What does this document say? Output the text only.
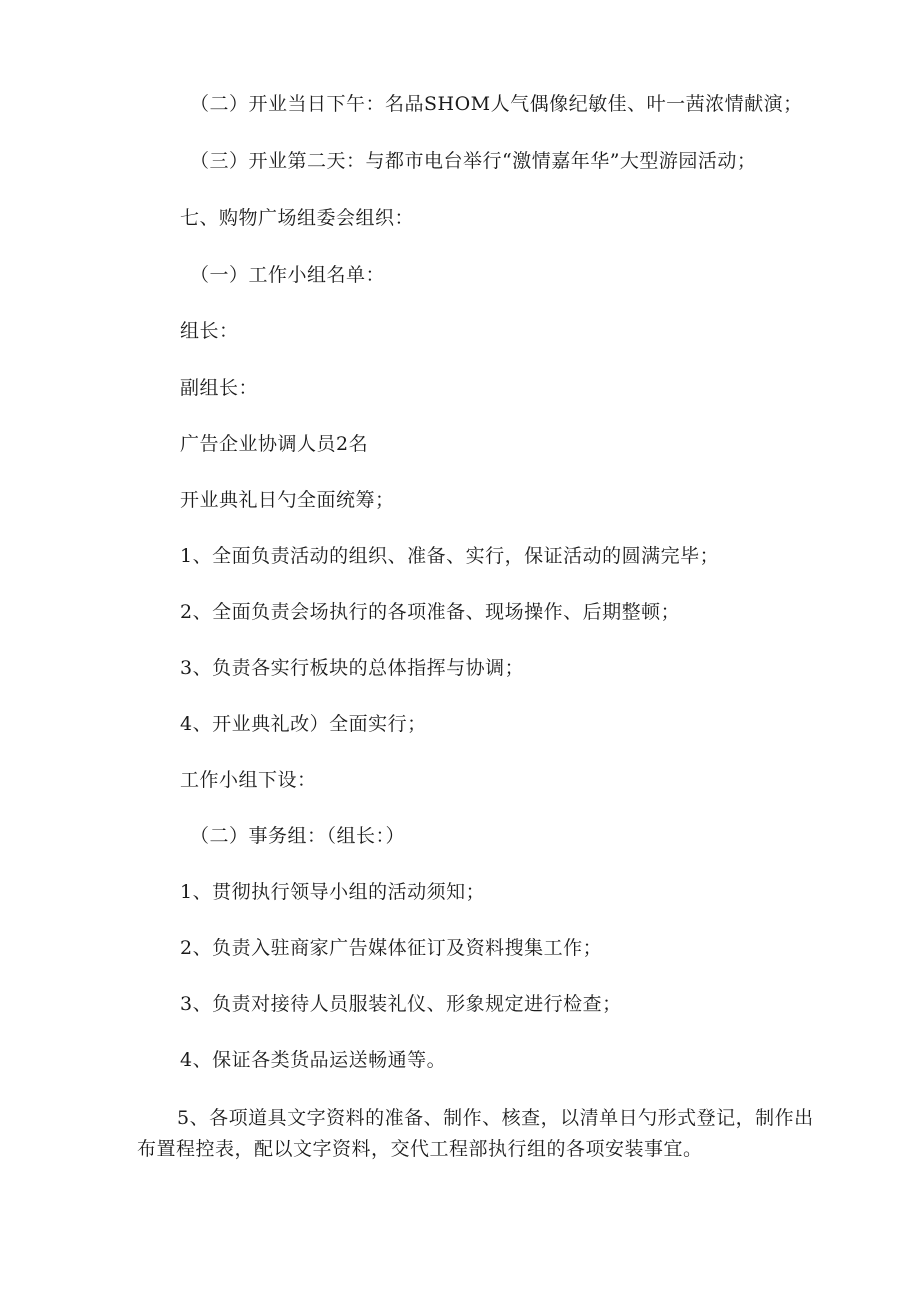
（二）开业当日下午：名品SHOM人气偶像纪敏佳、叶一茜浓情献演；
（三）开业第二天：与都市电台举行“激情嘉年华”大型游园活动；
七、购物广场组委会组织：
（一）工作小组名单：
组长：
副组长：
广告企业协调人员2名
开业典礼日勺全面统筹；
1、全面负责活动的组织、准备、实行，保证活动的圆满完毕；
2、全面负责会场执行的各项准备、现场操作、后期整顿；
3、负责各实行板块的总体指挥与协调；
4、开业典礼改）全面实行；
工作小组下设：
（二）事务组：（组长：）
1、贯彻执行领导小组的活动须知；
2、负责入驻商家广告媒体征订及资料搜集工作；
3、负责对接待人员服装礼仪、形象规定进行检查；
4、保证各类货品运送畅通等。
5、各项道具文字资料的准备、制作、核查，以清单日勺形式登记，制作出
布置程控表，配以文字资料，交代工程部执行组的各项安装事宜。
